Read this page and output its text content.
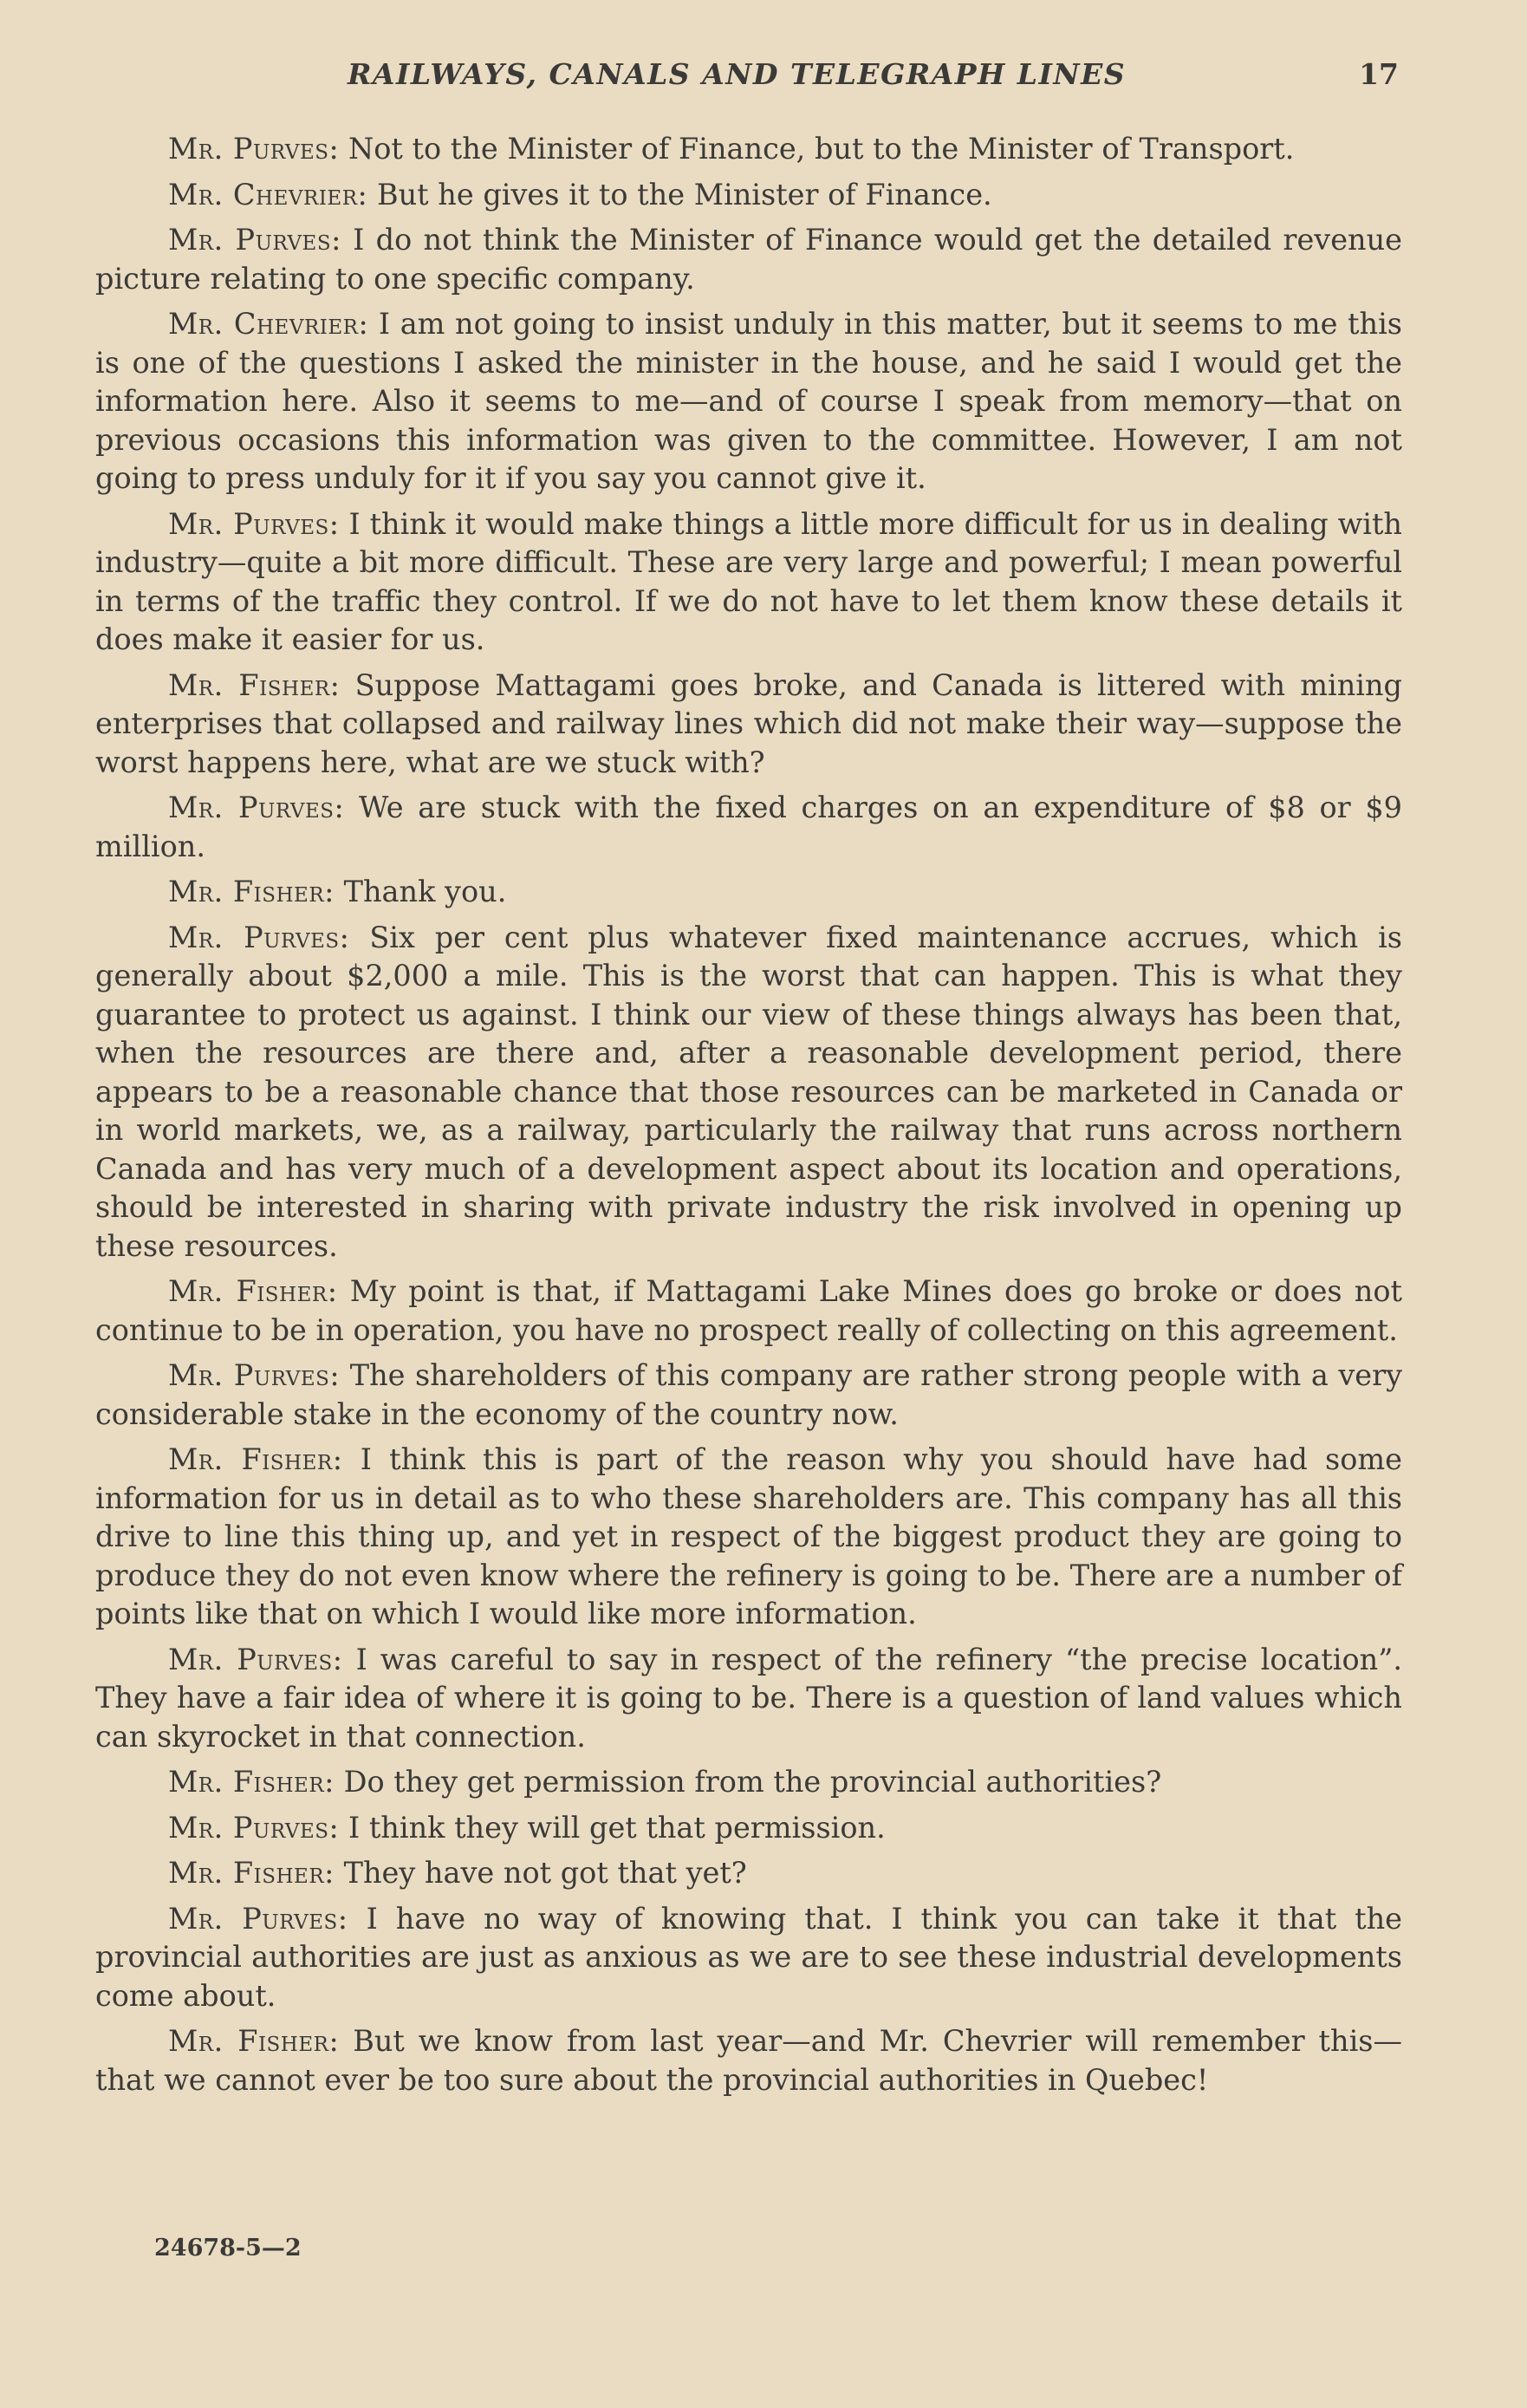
RAILWAYS, CANALS AND TELEGRAPH LINES	17

Mr. Purves: Not to the Minister of Finance, but to the Minister of Transport.

Mr. Chevrier: But he gives it to the Minister of Finance.

Mr. Purves: I do not think the Minister of Finance would get the detailed revenue picture relating to one specific company.

Mr. Chevrier: I am not going to insist unduly in this matter, but it seems to me this is one of the questions I asked the minister in the house, and he said I would get the information here. Also it seems to me—and of course I speak from memory—that on previous occasions this information was given to the committee. However, I am not going to press unduly for it if you say you cannot give it.

Mr. Purves: I think it would make things a little more difficult for us in dealing with industry—quite a bit more difficult. These are very large and powerful; I mean powerful in terms of the traffic they control. If we do not have to let them know these details it does make it easier for us.

Mr. Fisher: Suppose Mattagami goes broke, and Canada is littered with mining enterprises that collapsed and railway lines which did not make their way—suppose the worst happens here, what are we stuck with?

Mr. Purves: We are stuck with the fixed charges on an expenditure of $8 or $9 million.

Mr. Fisher: Thank you.

Mr. Purves: Six per cent plus whatever fixed maintenance accrues, which is generally about $2,000 a mile. This is the worst that can happen. This is what they guarantee to protect us against. I think our view of these things always has been that, when the resources are there and, after a reasonable development period, there appears to be a reasonable chance that those resources can be marketed in Canada or in world markets, we, as a railway, particularly the railway that runs across northern Canada and has very much of a development aspect about its location and operations, should be interested in sharing with private industry the risk involved in opening up these resources.

Mr. Fisher: My point is that, if Mattagami Lake Mines does go broke or does not continue to be in operation, you have no prospect really of collecting on this agreement.

Mr. Purves: The shareholders of this company are rather strong people with a very considerable stake in the economy of the country now.

Mr. Fisher: I think this is part of the reason why you should have had some information for us in detail as to who these shareholders are. This company has all this drive to line this thing up, and yet in respect of the biggest product they are going to produce they do not even know where the refinery is going to be. There are a number of points like that on which I would like more information.

Mr. Purves: I was careful to say in respect of the refinery “the precise location”. They have a fair idea of where it is going to be. There is a question of land values which can skyrocket in that connection.

Mr. Fisher: Do they get permission from the provincial authorities?

Mr. Purves: I think they will get that permission.

Mr. Fisher: They have not got that yet?

Mr. Purves: I have no way of knowing that. I think you can take it that the provincial authorities are just as anxious as we are to see these industrial developments come about.

Mr. Fisher: But we know from last year—and Mr. Chevrier will remember this—that we cannot ever be too sure about the provincial authorities in Quebec!

24678-5—2
